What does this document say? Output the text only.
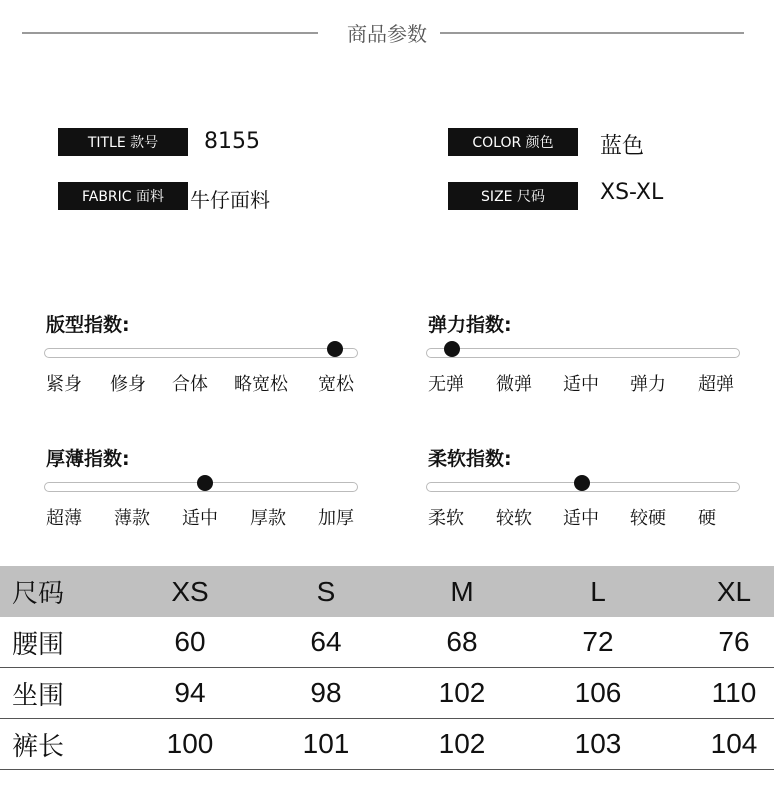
商品参数
TITLE 款号	8155
FABRIC 面料	牛仔面料
COLOR 颜色	蓝色
SIZE 尺码	XS-XL
版型指数:
紧身 修身 合体 略宽松 宽松
弹力指数:
无弹 微弹 适中 弹力 超弹
厚薄指数:
超薄 薄款 适中 厚款 加厚
柔软指数:
柔软 较软 适中 较硬 硬
尺码	XS	S	M	L	XL
腰围	60	64	68	72	76
坐围	94	98	102	106	110
裤长	100	101	102	103	104
